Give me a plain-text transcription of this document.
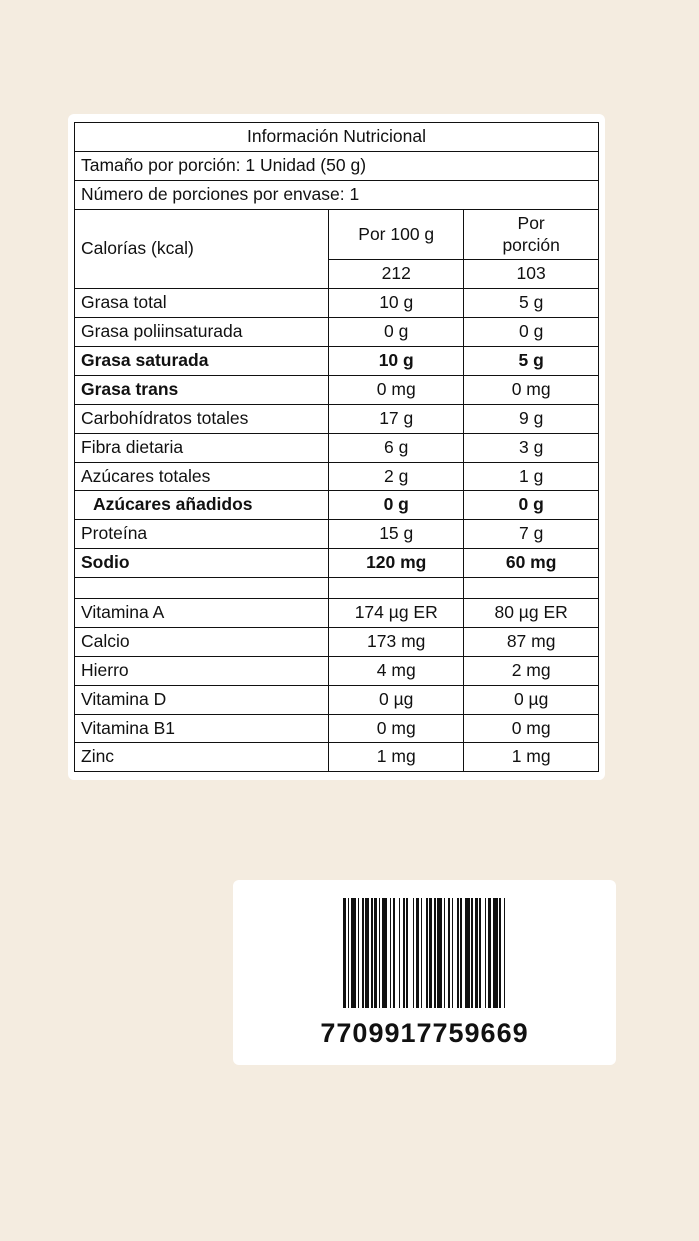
Información Nutricional		
Tamaño por porción: 1 Unidad (50 g)		
Número de porciones por envase: 1		
Calorías (kcal)	Por 100 g	Por
porción
	212	103
Grasa total	10 g	5 g
Grasa poliinsaturada	0 g	0 g
Grasa saturada	10 g	5 g
Grasa trans	0 mg	0 mg
Carbohídratos totales	17 g	9 g
Fibra dietaria	6 g	3 g
Azúcares totales	2 g	1 g
Azúcares añadidos	0 g	0 g
Proteína	15 g	7 g
Sodio	120 mg	60 mg

Vitamina A	174 µg ER	80 µg ER
Calcio	173 mg	87 mg
Hierro	4 mg	2 mg
Vitamina D	0 µg	0 µg
Vitamina B1	0 mg	0 mg
Zinc	1 mg	1 mg
7709917759669
